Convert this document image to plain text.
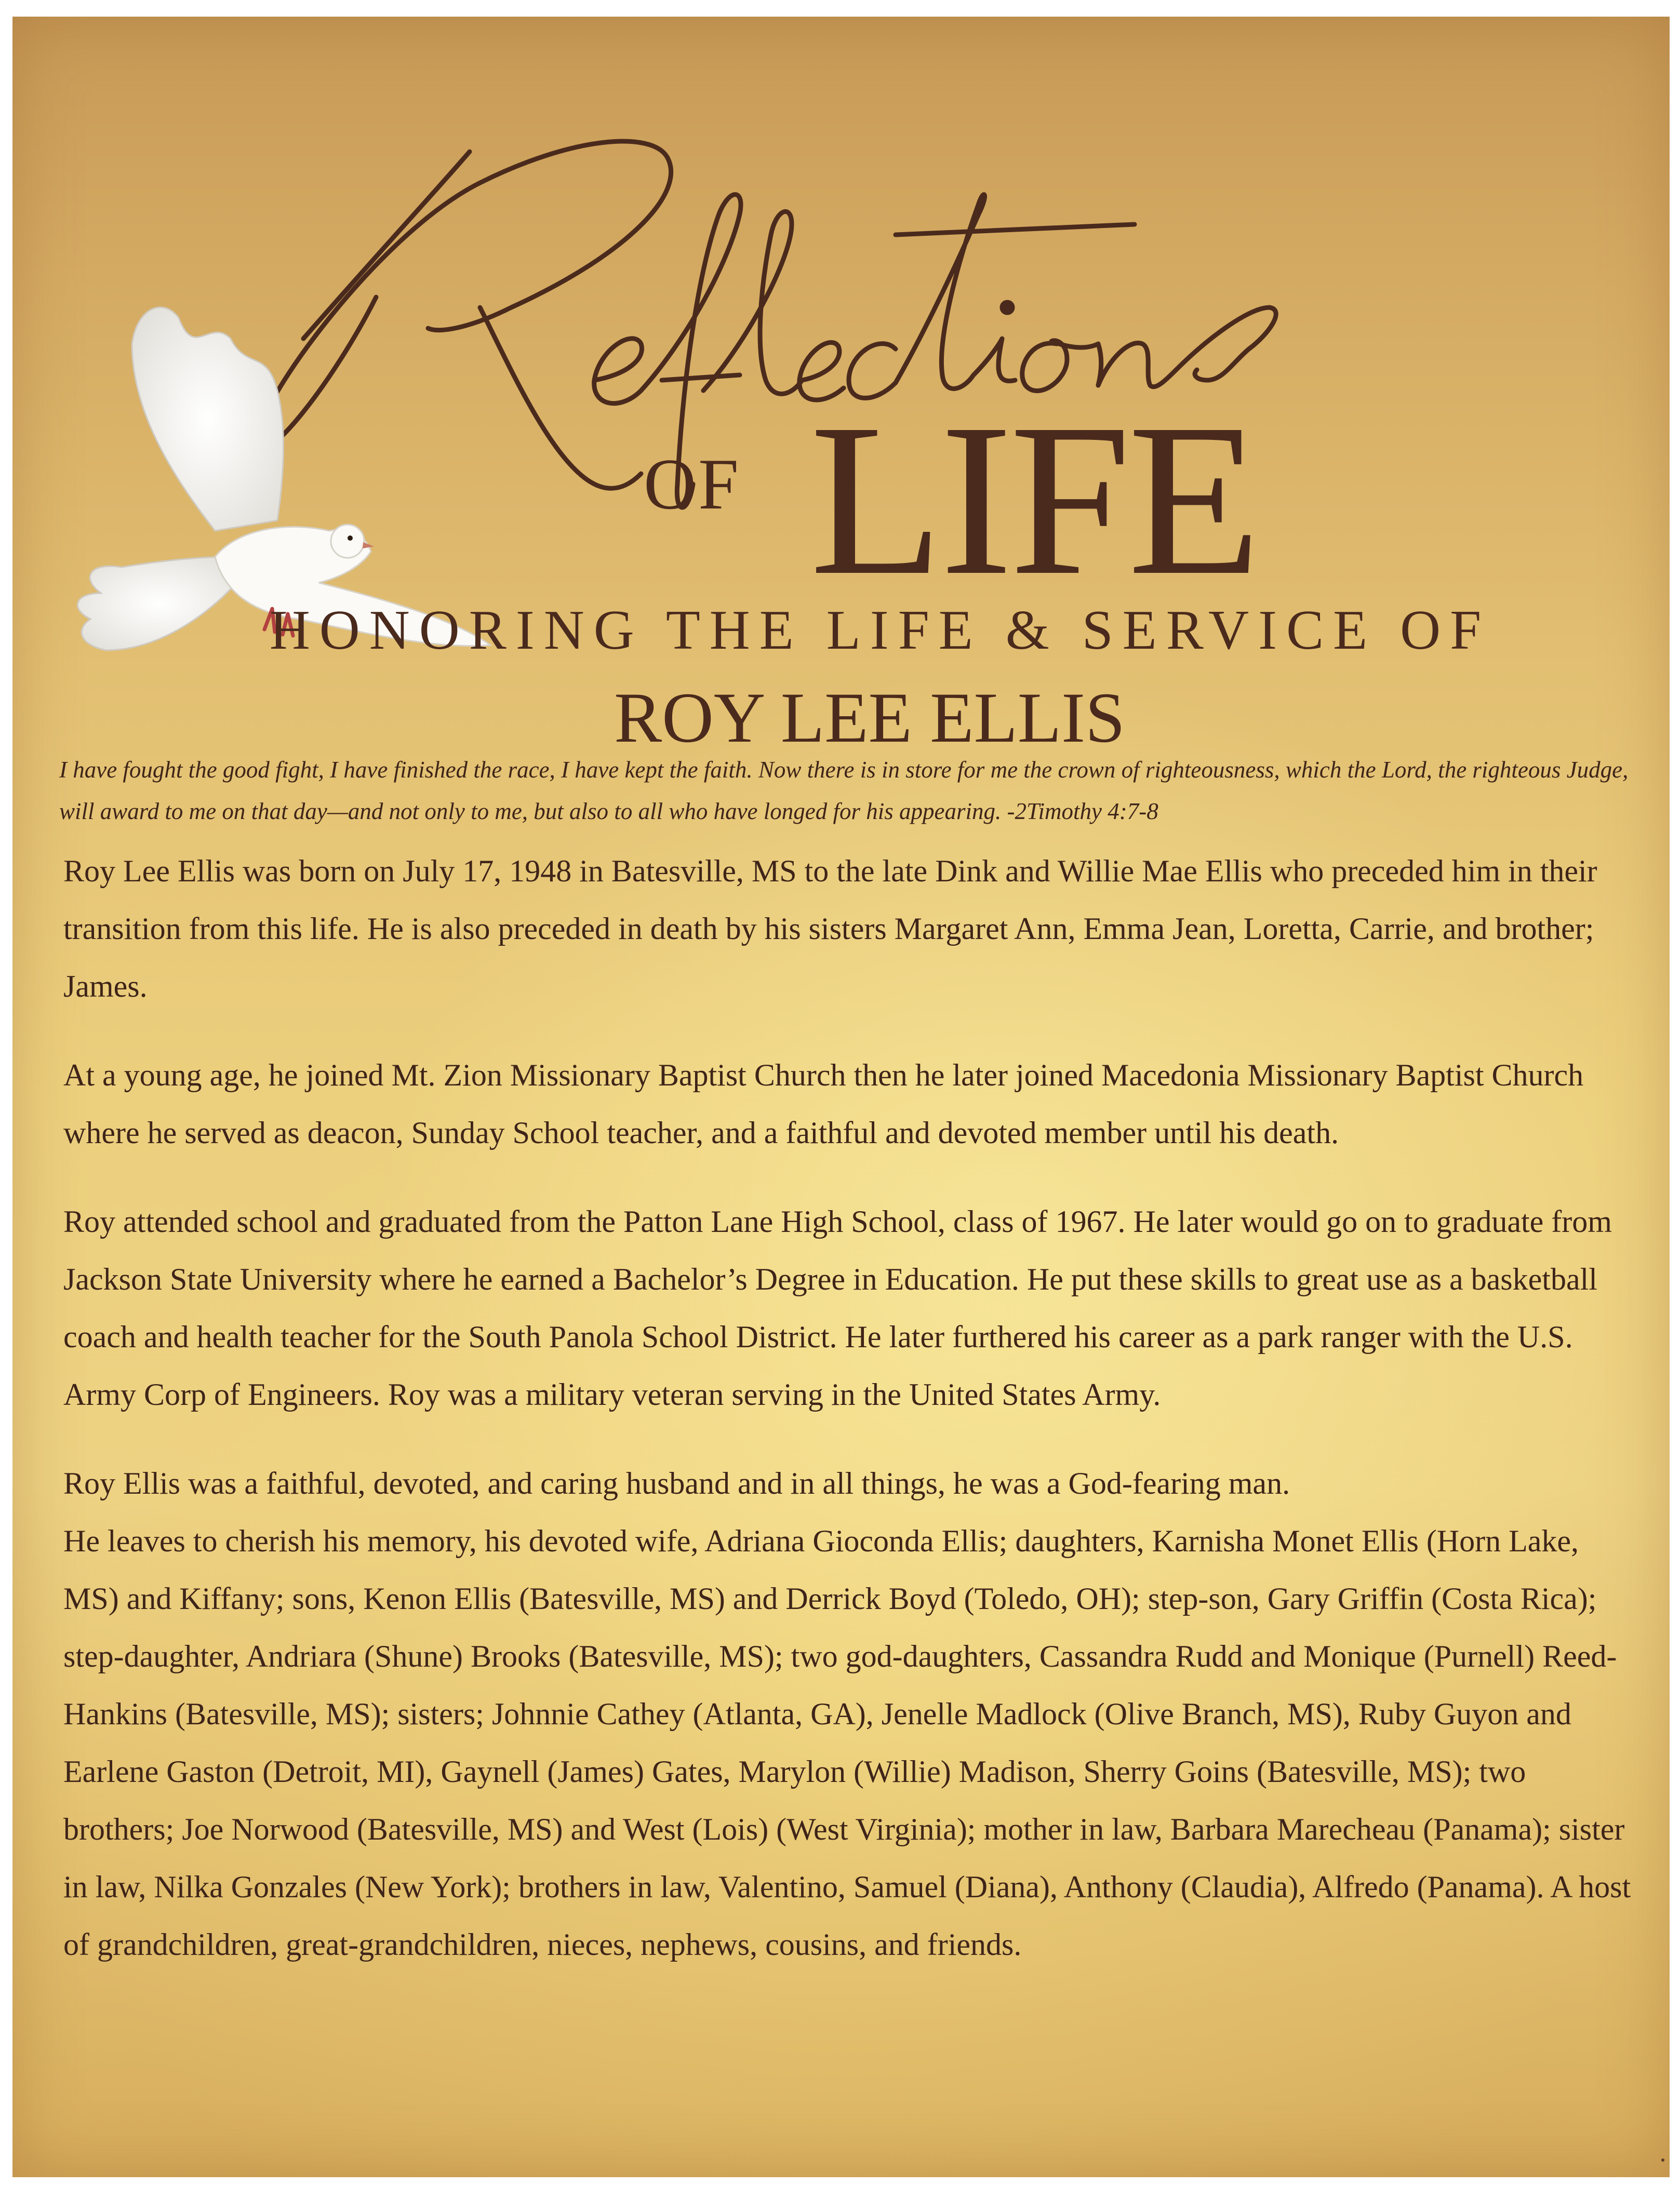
OF LIFE
HONORING THE LIFE & SERVICE OF
ROY LEE ELLIS
I have fought the good fight, I have finished the race, I have kept the faith. Now there is in store for me the crown of righteousness, which the Lord, the righteous Judge, will award to me on that day—and not only to me, but also to all who have longed for his appearing. -2Timothy 4:7-8

Roy Lee Ellis was born on July 17, 1948 in Batesville, MS to the late Dink and Willie Mae Ellis who preceded him in their transition from this life. He is also preceded in death by his sisters Margaret Ann, Emma Jean, Loretta, Carrie, and brother; James.

At a young age, he joined Mt. Zion Missionary Baptist Church then he later joined Macedonia Missionary Baptist Church where he served as deacon, Sunday School teacher, and a faithful and devoted member until his death.

Roy attended school and graduated from the Patton Lane High School, class of 1967. He later would go on to graduate from Jackson State University where he earned a Bachelor’s Degree in Education. He put these skills to great use as a basketball coach and health teacher for the South Panola School District. He later furthered his career as a park ranger with the U.S. Army Corp of Engineers. Roy was a military veteran serving in the United States Army.

Roy Ellis was a faithful, devoted, and caring husband and in all things, he was a God-fearing man.

He leaves to cherish his memory, his devoted wife, Adriana Gioconda Ellis; daughters, Karnisha Monet Ellis (Horn Lake, MS) and Kiffany; sons, Kenon Ellis (Batesville, MS) and Derrick Boyd (Toledo, OH); step-son, Gary Griffin (Costa Rica); step-daughter, Andriara (Shune) Brooks (Batesville, MS); two god-daughters, Cassandra Rudd and Monique (Purnell) Reed-Hankins (Batesville, MS); sisters; Johnnie Cathey (Atlanta, GA), Jenelle Madlock (Olive Branch, MS), Ruby Guyon and Earlene Gaston (Detroit, MI), Gaynell (James) Gates, Marylon (Willie) Madison, Sherry Goins (Batesville, MS); two brothers; Joe Norwood (Batesville, MS) and West (Lois) (West Virginia); mother in law, Barbara Marecheau (Panama); sister in law, Nilka Gonzales (New York); brothers in law, Valentino, Samuel (Diana), Anthony (Claudia), Alfredo (Panama). A host of grandchildren, great-grandchildren, nieces, nephews, cousins, and friends.
